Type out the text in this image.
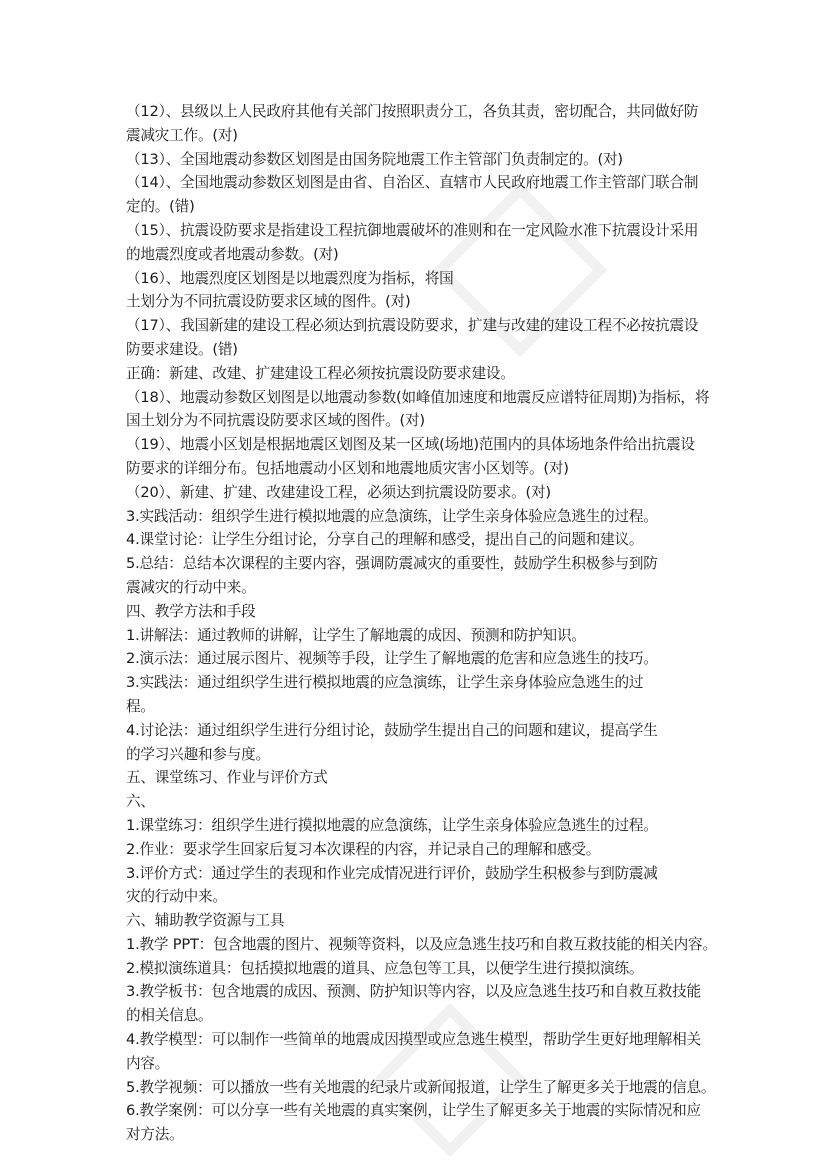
（12）、县级以上人民政府其他有关部门按照职责分工，各负其责，密切配合，共同做好防
震减灾工作。(对)
（13）、全国地震动参数区划图是由国务院地震工作主管部门负责制定的。(对)
（14）、全国地震动参数区划图是由省、自治区、直辖市人民政府地震工作主管部门联合制
定的。(错)
（15）、抗震设防要求是指建设工程抗御地震破坏的准则和在一定风险水准下抗震设计采用
的地震烈度或者地震动参数。(对)
（16）、地震烈度区划图是以地震烈度为指标，将国
土划分为不同抗震设防要求区域的图件。(对)
（17）、我国新建的建设工程必须达到抗震设防要求，扩建与改建的建设工程不必按抗震设
防要求建设。(错)
正确：新建、改建、扩建建设工程必须按抗震设防要求建设。
（18）、地震动参数区划图是以地震动参数(如峰值加速度和地震反应谱特征周期)为指标，将
国土划分为不同抗震设防要求区域的图件。(对)
（19）、地震小区划是根据地震区划图及某一区域(场地)范围内的具体场地条件给出抗震设
防要求的详细分布。包括地震动小区划和地震地质灾害小区划等。(对)
（20）、新建、扩建、改建建设工程，必须达到抗震设防要求。(对)
3.实践活动：组织学生进行模拟地震的应急演练，让学生亲身体验应急逃生的过程。
4.课堂讨论：让学生分组讨论，分享自己的理解和感受，提出自己的问题和建议。
5.总结：总结本次课程的主要内容，强调防震减灾的重要性，鼓励学生积极参与到防
震减灾的行动中来。
四、教学方法和手段
1.讲解法：通过教师的讲解，让学生了解地震的成因、预测和防护知识。
2.演示法：通过展示图片、视频等手段，让学生了解地震的危害和应急逃生的技巧。
3.实践法：通过组织学生进行模拟地震的应急演练，让学生亲身体验应急逃生的过
程。
4.讨论法：通过组织学生进行分组讨论，鼓励学生提出自己的问题和建议，提高学生
的学习兴趣和参与度。
五、课堂练习、作业与评价方式
六、
1.课堂练习：组织学生进行摸拟地震的应急演练，让学生亲身体验应急逃生的过程。
2.作业：要求学生回家后复习本次课程的内容，并记录自己的理解和感受。
3.评价方式：通过学生的表现和作业完成情况进行评价，鼓励学生积极参与到防震减
灾的行动中来。
六、辅助教学资源与工具
1.教学 PPT：包含地震的图片、视频等资料，以及应急逃生技巧和自救互救技能的相关内容。
2.模拟演练道具：包括摸拟地震的道具、应急包等工具，以便学生进行摸拟演练。
3.教学板书：包含地震的成因、预测、防护知识等内容，以及应急逃生技巧和自救互救技能
的相关信息。
4.教学模型：可以制作一些简单的地震成因摸型或应急逃生模型，帮助学生更好地理解相关
内容。
5.教学视频：可以播放一些有关地震的纪录片或新闻报道，让学生了解更多关于地震的信息。
6.教学案例：可以分享一些有关地震的真实案例，让学生了解更多关于地震的实际情况和应
对方法。
